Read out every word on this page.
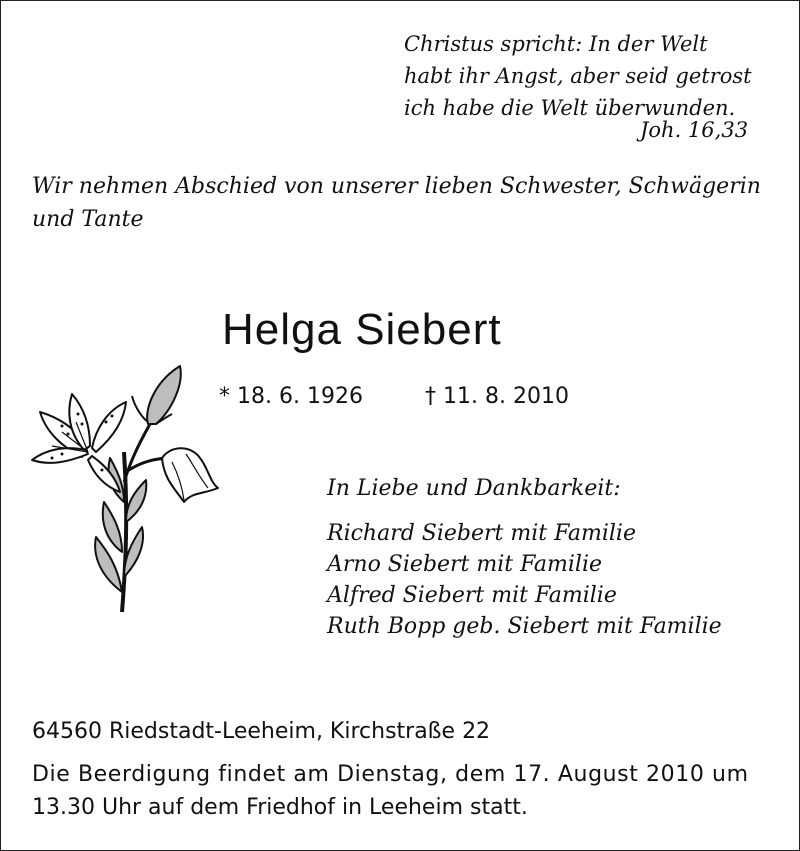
Christus spricht: In der Welt
habt ihr Angst, aber seid getrost
ich habe die Welt überwunden.
Joh. 16,33
Wir nehmen Abschied von unserer lieben Schwester, Schwägerin
und Tante
Helga Siebert
* 18. 6. 1926	† 11. 8. 2010
In Liebe und Dankbarkeit:
Richard Siebert mit Familie
Arno Siebert mit Familie
Alfred Siebert mit Familie
Ruth Bopp geb. Siebert mit Familie
64560 Riedstadt-Leeheim, Kirchstraße 22
Die Beerdigung findet am Dienstag, dem 17. August 2010 um
13.30 Uhr auf dem Friedhof in Leeheim statt.
